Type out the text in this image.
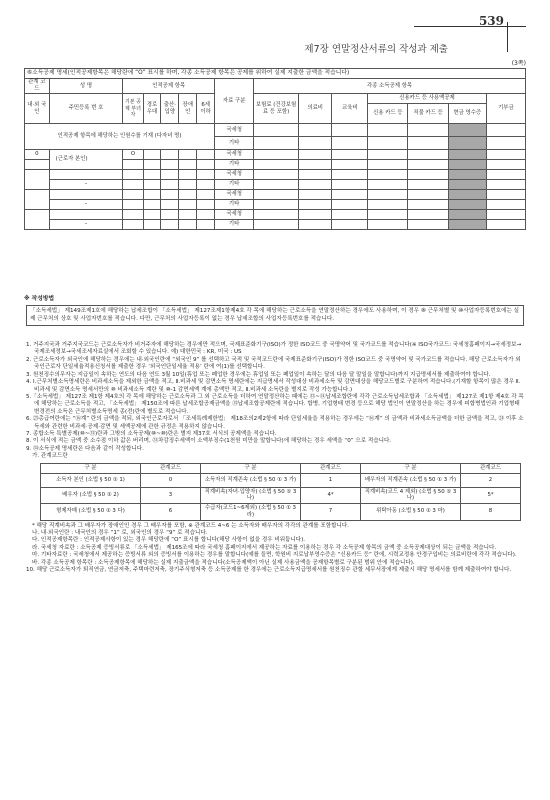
539
제7장 연말정산서류의 작성과 제출
(3쪽)
⑥소득공제 명세(인적공제항목은 해당란에 “O” 표시를 하며, 각종 소득공제 항목은 공제를 위하여 실제 지출한 금액을 적습니다)														
관계 코드	성 명	인적공제 항목					자료 구분	각종 소득공제 항목						
내·외 국인	주민등록 번 호	기본 공제 부녀 자	경로 우대	출산·입양	장애 인	6세 이하		보험료 (건강보험 료 등 포함)	의료비	교육비	신용카드 등 사용액공제			기부금
											신용 카드 등	직불 카드 등	현금 영수증	
인적공제 항목에 해당하는 인원수를 기재 (다자녀 명)							국세청							
							기타							
0	(근로자 본인)	O					국세청							
							기타							
							국세청							
	–						기타							
							국세청							
	–						기타							
							국세청							
	–						기타							
※ 작성방법
「소득세법」 제149조제1호에 해당하는 납세조합이 「소득세법」 제127조제1항제4호 각 목에 해당하는 근로소득을 연말정산하는 경우에도 사용하며, 이 경우 ⑧ 근무처별 및 ⑩사업자등록번호에는 실제 근무처의 상호 및 사업자번호를 적습니다. 다만, 근무처의 사업자등록이 없는 경우 납세조합의 사업자등록번호를 적습니다.

1. 거주지국과 거주지국코드는 근로소득자가 비거주자에 해당하는 경우에만 적으며, 국제표준화기구(ISO)가 정한 ISO코드 중 국명약어 및 국가코드를 적습니다(※ ISO국가코드: 국세청홈페이지→국세정보→국제조세정보→국세조세자료실에서 조회할 수 있습니다. 예) 대한민국 : KR, 미국 : US

2. 근로소득자가 외국인에 해당하는 경우에는 내·외국인란에 “외국인 9” 를 선택하고 국적 및 국적코드란에 국제표준화기구(ISO)가 정한 ISO코드 중 국명약어 및 국가코드를 적습니다. 해당 근로소득자가 외국인근로자 단일세율적용신청서를 제출한 경우 ‘외국인단일세율 적용’ 란에 여(1)를 선택합니다.

3. 원천징수의무자는 지급일이 속하는 연도의 다음 연도 3월 10일(휴업 또는 폐업한 경우에는 휴업일 또는 폐업일이 속하는 달의 다음 달 말일을 말합니다)까지 지급명세서를 제출하여야 합니다.

4. Ⅰ.근무처별소득명세란은 비과세소득을 제외한 금액을 적고, Ⅱ.비과세 및 감면소득 명세란에는 지급명세서 작성대상 비과세소득 및 감면대상을 해당코드별로 구분하여 적습니다.(기재할 항목이 많은 경우 Ⅱ.비과세 및 감면소득 명세서만의 ⑩ 비과세소득 계란 및 ⑩-1 감면세액 계에 총액만 적고, Ⅱ.비과세 소득란을 별지로 작성 가능합니다.)

5.「소득세법」 제127조 제1항 제4호의 각 목에 해당하는 근로소득과 그 외 근로소득을 더하여 연말정산하는 때에는 ⑬~⑭납세조합란에 각각 근로소득납세조합과 「소득세법」 제127조 제1항 제4호 각 목에 해당하는 근로소득을 적고, 「소득세법」 제150조에 따른 납세조합공제금액을 ⑬납세조합공제란에 적습니다. 합병, 기업형태 변경 등으로 해당 법인이 연말정산을 하는 경우에 피합병법인과 기업형태변경전의 소득은 근무처별소득명세 종(전)란에 별도로 적습니다.

6. ㉓총급여란에는 “⑯계” 란의 금액을 적되, 외국인근로자로서 「조세특례제한법」 제18조의2제2항에 따라 단일세율을 적용하는 경우에는 “⑯계” 의 금액과 비과세소득금액을 더한 금액을 적고, ㉔ 이후 소득세와 관련한 비과세·공제·감면 및 세액공제에 관한 규정은 적용하지 않습니다.

7. 종합소득 특별공제(⑩~⑬)란과 그밖의 소득공제(⑩~⑩)란은 별지 제37호 서식의 공제액을 적습니다.

8. 이 서식에 적는 금액 중 소수점 이하 값은 버리며, ㉛차감징수세액이 소액부징수(1천원 미만을 말합니다)에 해당하는 경우 세액을 “0” 으로 적습니다.

9. ㉞소득공제 명세란은 다음과 같이 작성합니다.

가. 관계코드란

구 분	관계코드	구 분	관계코드	구 분	관계코드
소득자 본인 (소법 § 50 ① 1)	0	소득자의 직계존속 (소법 § 50 ① 3 가)	1	배우자의 직계존속 (소법 § 50 ① 3 가)	2
배우자 (소법 § 50 ① 2)	3	직계비속(자녀·입양자) (소법 § 50 ① 3 나)	4*	직계비속(코드 4 제외) (소법 § 50 ① 3 나)	5*
형제자매 (소법 § 50 ① 3 다)	6	수급자(코드1~6제외) (소법 § 50 ① 3 라)	7	위탁아동 (소법 § 50 ① 3 마)	8

* 해당 직계비속과 그 배우자가 장애인인 경우 그 배우자를 포함, ※ 관계코드 4~6 는 소득자와 배우자의 각각의 관계를 포함합니다.

나. 내·외국인란 : 내국인의 경우 “1” 로, 외국인의 경우 “9” 로 적습니다.

다. 인적공제항목란 : 인적공제사항이 있는 경우 해당란에 “O” 표시를 합니다(해당 사항이 없을 경우 비워둡니다).

라. 국세청 자료란 : 소득공제 증빙서류로 「소득세법」 제165조에 따라 국세청 홈페이지에서 제공하는 자료를 이용하는 경우 각 소득공제 항목의 금액 중 소득공제대상이 되는 금액을 적습니다.

마. 기타자료란 : 국세청에서 제공하는 증빙서류 외의 증빙서를 이용하는 경우를 말합니다(예를 들면, 학원비 지로납부영수증은 “신용카드 등” 란에, 시력교정용 안경구입비는 의료비란에 각각 적습니다).

바. 각종 소득공제 항목란 : 소득공제항목에 해당하는 실제 지출금액을 적습니다(소득공제액이 아닌 실제 사용금액을 공제항목별로 구분된 범위 안에 적습니다).

10. 해당 근로소득자가 퇴직연금, 연금저축, 주택마련저축, 장기주식형저축 등 소득공제를 한 경우에는 근로소득지급명세서를 원천징수 관할 세무서장에게 제출시 해당 명세서를 함께 제출하여야 합니다.
